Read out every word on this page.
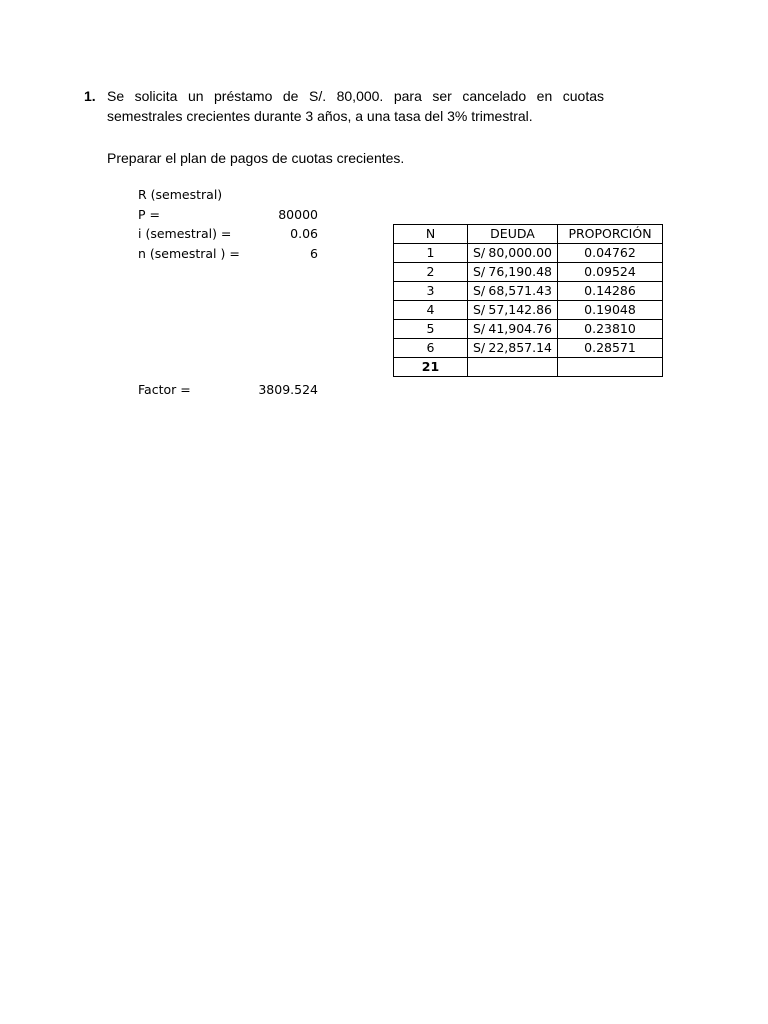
1. Se solicita un préstamo de S/. 80,000. para ser cancelado en cuotas semestrales crecientes durante 3 años, a una tasa del 3% trimestral.
Preparar el plan de pagos de cuotas crecientes.
R (semestral)
P =	80000
i (semestral) =	0.06
n (semestral ) =	6
Factor =	3809.524
N	DEUDA	PROPORCIÓN
1	S/ 80,000.00	0.04762
2	S/ 76,190.48	0.09524
3	S/ 68,571.43	0.14286
4	S/ 57,142.86	0.19048
5	S/ 41,904.76	0.23810
6	S/ 22,857.14	0.28571
21		
